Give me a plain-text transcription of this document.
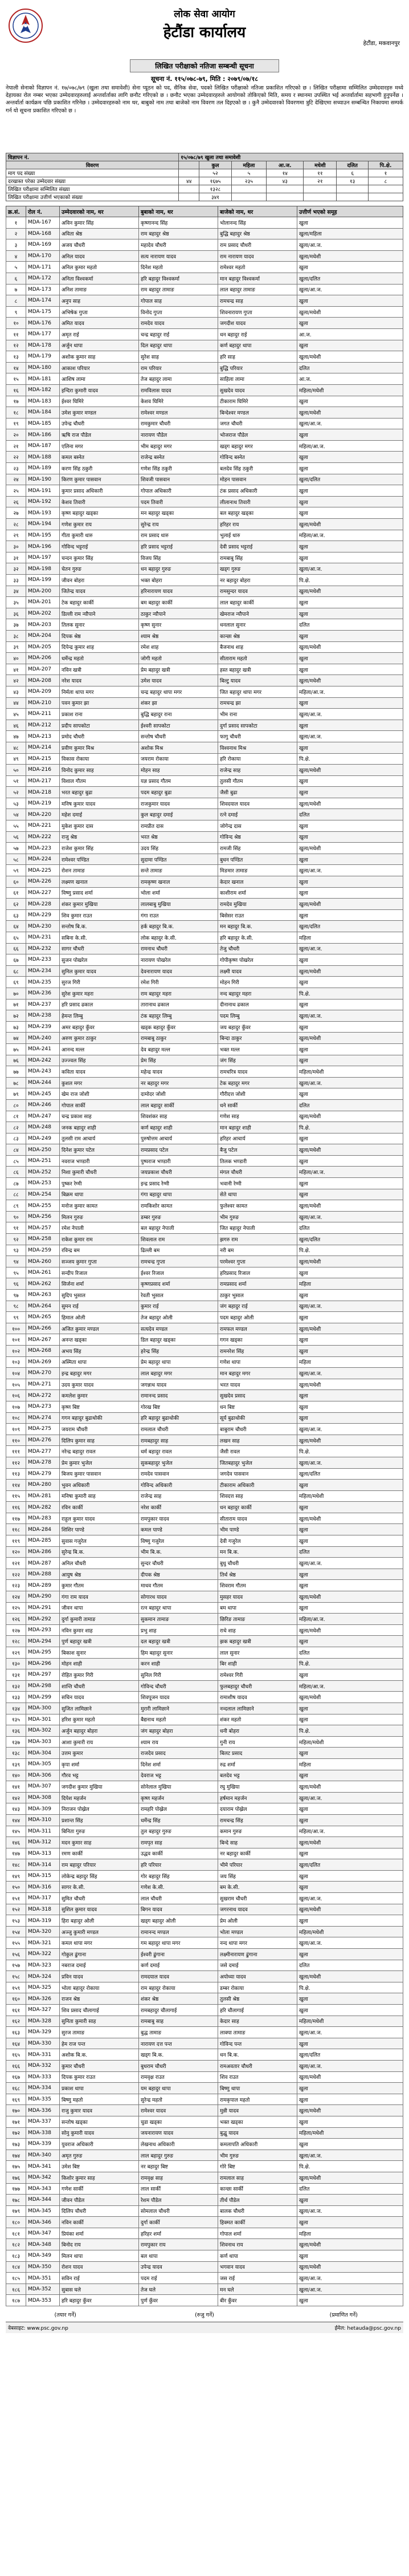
लोक सेवा आयोग
हेटौंडा कार्यालय
हेटौंडा, मकवानपुर
लिखित परीक्षाको नतिजा सम्बन्धी सूचना
सूचना नं. ११५/०७८-७९, मिति : २०७९/०७/१८
नेपाली सेनाको विज्ञापन नं. १७/०७८/७९ (खुला तथा समावेशी) सेना प्यूठन को पद, सैनिक सेवा, पदको लिखित परीक्षाको नतिजा प्रकाशित गरिएको छ । लिखित परीक्षामा सम्मिलित उम्मेदवारहरु मध्ये देहायका रोल नम्बर भएका उम्मेदवारहरुलाई अन्तर्वार्ताका लागि छनौट गरिएको छ । छनौट भएका उम्मेदवारहरुले आयोगको तोकिएको मिति, समय र स्थानमा उपस्थित भई अन्तर्वार्तामा सहभागी हुनुपर्नेछ । अन्तर्वार्ता कार्यक्रम पछि प्रकाशित गरिनेछ । उम्मेदवारहरुको नाम थर, बाबुको नाम तथा बाजेको नाम विवरण तल दिइएको छ । कुनै उम्मेदवारको विवरणमा त्रुटि देखिएमा सच्याउन सम्बन्धित निकायमा सम्पर्क गर्न यो सूचना प्रकाशित गरिएको छ ।
विज्ञापन नं.	१५/०७८/७९ खुला तथा समावेशी						
विवरण		कुल	महिला	आ.ज.	मधेशी	दलित	पि.क्षे.
माग पद संख्या		५२	५	१४	११	६	१
दरखास्त परेका उम्मेदवार संख्या	४४	१६७५	२३५	४३	२१	१३	८
लिखित परीक्षामा सम्मिलित संख्या		१३२८					
लिखित परीक्षामा उत्तीर्ण भएकाको संख्या		३४१					
क्र.सं.	रोल नं.	उम्मेदवारको नाम, थर	बुबाको नाम, थर	बाजेको नाम, थर	उत्तीर्ण भएको समूह
१	MDA-167	अविन कुमार सिंह	कृष्णानन्द सिंह	भोलानन्द सिंह	खुला
२	MDA-168	अविता श्रेष्ठ	राम बहादुर श्रेष्ठ	बुद्धि बहादुर श्रेष्ठ	खुला/महिला
३	MDA-169	अजय चौधरी	महादेव चौधरी	राम प्रसाद चौधरी	खुला/आ.ज.
४	MDA-170	अनिल यादव	सत्य नारायण यादव	राम नारायण यादव	खुला/मधेशी
५	MDA-171	अनिल कुमार महतो	दिनेश महतो	रामेश्वर महतो	खुला
६	MDA-172	अनिता विश्वकर्मा	हरि बहादुर विश्वकर्मा	मान बहादुर विश्वकर्मा	खुला/दलित
७	MDA-173	अनिश तामाङ	राम बहादुर तामाङ	लाल बहादुर तामाङ	खुला/आ.ज.
८	MDA-174	अनुप साह	गोपाल साह	रामचन्द्र साह	खुला
९	MDA-175	अभिषेक गुप्ता	विनोद गुप्ता	शिवनारायण गुप्ता	खुला/मधेशी
१०	MDA-176	अमित यादव	रामदेव यादव	जगदीश यादव	खुला
११	MDA-177	अमृत राई	चन्द्र बहादुर राई	धन बहादुर राई	आ.ज.
१२	MDA-178	अर्जुन थापा	दिल बहादुर थापा	कर्ण बहादुर थापा	खुला
१३	MDA-179	अशोक कुमार साह	सुरेश साह	हरि साह	खुला/मधेशी
१४	MDA-180	आकाश परियार	राम परियार	बुद्धि परियार	दलित
१५	MDA-181	आशिष लामा	तेज बहादुर लामा	साहिला लामा	आ.ज.
१६	MDA-182	इन्दिरा कुमारी यादव	रामविलास यादव	सुखदेव यादव	महिला/मधेशी
१७	MDA-183	ईश्वर घिमिरे	केशव घिमिरे	टीकाराम घिमिरे	खुला
१८	MDA-184	उमेश कुमार मण्डल	रामेश्वर मण्डल	बिन्देश्वर मण्डल	खुला/मधेशी
१९	MDA-185	उपेन्द्र चौधरी	रामकुमार चौधरी	जगत चौधरी	खुला/आ.ज.
२०	MDA-186	ऋषि राज पौडेल	नारायण पौडेल	भोजराज पौडेल	खुला
२१	MDA-187	एलिना मगर	भीम बहादुर मगर	खड्ग बहादुर मगर	महिला/आ.ज.
२२	MDA-188	कमल बस्नेत	राजेन्द्र बस्नेत	गोविन्द बस्नेत	खुला
२३	MDA-189	करण सिंह ठकुरी	गणेश सिंह ठकुरी	बलदेव सिंह ठकुरी	खुला
२४	MDA-190	किरण कुमार पासवान	शिवजी पासवान	मोहन पासवान	खुला/दलित
२५	MDA-191	कुमार प्रसाद अधिकारी	गोपाल अधिकारी	टंक प्रसाद अधिकारी	खुला
२६	MDA-192	केशव तिवारी	पदम तिवारी	लीलानाथ तिवारी	खुला
२७	MDA-193	कृष्ण बहादुर खड्का	मन बहादुर खड्का	बल बहादुर खड्का	खुला
२८	MDA-194	गणेश कुमार राय	सुरेन्द्र राय	हरिहर राय	खुला/मधेशी
२९	MDA-195	गीता कुमारी थारु	राम प्रसाद थारु	भुलाई थारु	महिला/आ.ज.
३०	MDA-196	गोविन्द भट्टराई	हरि प्रसाद भट्टराई	देवी प्रसाद भट्टराई	खुला
३१	MDA-197	चन्दन कुमार सिंह	विजय सिंह	रामबाबु सिंह	खुला
३२	MDA-198	चेतन गुरुङ	धन बहादुर गुरुङ	खड्ग गुरुङ	खुला/आ.ज.
३३	MDA-199	जीवन बोहरा	भक्त बोहरा	नर बहादुर बोहरा	पि.क्षे.
३४	MDA-200	जितेन्द्र यादव	हरिनारायण यादव	रामसुन्दर यादव	खुला/मधेशी
३५	MDA-201	टेक बहादुर कार्की	बम बहादुर कार्की	लाल बहादुर कार्की	खुला
३६	MDA-202	डिल्ली राम न्यौपाने	ठाकुर न्यौपाने	खेमराज न्यौपाने	खुला
३७	MDA-203	तिलक सुनार	कृष्ण सुनार	धनलाल सुनार	दलित
३८	MDA-204	दिपक श्रेष्ठ	श्याम श्रेष्ठ	कान्छा श्रेष्ठ	खुला
३९	MDA-205	दिपेन्द्र कुमार शाह	रमेश शाह	बैजनाथ शाह	खुला/मधेशी
४०	MDA-206	धर्मेन्द्र महतो	जोगी महतो	सीताराम महतो	खुला
४१	MDA-207	नविन खत्री	प्रेम बहादुर खत्री	हस्त बहादुर खत्री	खुला
४२	MDA-208	नरेश यादव	उमेश यादव	बिल्टु यादव	खुला/मधेशी
४३	MDA-209	निर्मला थापा मगर	चन्द्र बहादुर थापा मगर	जित बहादुर थापा मगर	महिला/आ.ज.
४४	MDA-210	पवन कुमार झा	शंकर झा	रामचन्द्र झा	खुला
४५	MDA-211	प्रकाश राना	बुद्धि बहादुर राना	भीम राना	खुला/आ.ज.
४६	MDA-212	प्रदीप सापकोटा	ईश्वरी सापकोटा	दुर्गा प्रसाद सापकोटा	खुला
४७	MDA-213	प्रमोद चौधरी	सन्तोष चौधरी	फागु चौधरी	खुला/आ.ज.
४८	MDA-214	प्रवीण कुमार मिश्र	अशोक मिश्र	विश्वनाथ मिश्र	खुला
४९	MDA-215	विकास रोकाया	जयराम रोकाया	हरि रोकाया	पि.क्षे.
५०	MDA-216	विनोद कुमार साह	मोहन साह	राजेन्द्र साह	खुला/मधेशी
५१	MDA-217	विशाल गौतम	यज्ञ प्रसाद गौतम	तुलसी गौतम	खुला
५२	MDA-218	भरत बहादुर बुढा	पदम बहादुर बुढा	जैसी बुढा	खुला
५३	MDA-219	मनिष कुमार यादव	राजकुमार यादव	शिवदयाल यादव	खुला/मधेशी
५४	MDA-220	महेश दमाई	कुल बहादुर दमाई	रत्ने दमाई	दलित
५५	MDA-221	मुकेश कुमार दास	रामप्रीत दास	जोगेन्द्र दास	खुला
५६	MDA-222	राजु श्रेष्ठ	भरत श्रेष्ठ	गोविन्द श्रेष्ठ	खुला
५७	MDA-223	राजेश कुमार सिंह	उदय सिंह	रामजी सिंह	खुला/मधेशी
५८	MDA-224	रामेश्वर पण्डित	सुदामा पण्डित	बुधन पण्डित	खुला
५९	MDA-225	रोशन तामाङ	सन्ते तामाङ	मिङमार तामाङ	खुला/आ.ज.
६०	MDA-226	लक्ष्मण खनाल	रामकृष्ण खनाल	केदार खनाल	खुला
६१	MDA-227	विष्णु प्रसाद शर्मा	भोला शर्मा	काशीराम शर्मा	खुला
६२	MDA-228	शंकर कुमार मुखिया	लालबाबु मुखिया	रामदेव मुखिया	खुला/मधेशी
६३	MDA-229	शिव कुमार राउत	गंगा राउत	बिसेसर राउत	खुला
६४	MDA-230	सन्तोष बि.क.	हर्क बहादुर बि.क.	मन बहादुर बि.क.	खुला/दलित
६५	MDA-231	सबिना के.सी.	लोक बहादुर के.सी.	हरि बहादुर के.सी.	महिला
६६	MDA-232	सागर चौधरी	रामनाथ चौधरी	तेजु चौधरी	खुला/आ.ज.
६७	MDA-233	सुजन पोखरेल	नारायण पोखरेल	गोपीकृष्ण पोखरेल	खुला
६८	MDA-234	सुनिल कुमार यादव	देवनारायण यादव	लक्ष्मी यादव	खुला/मधेशी
६९	MDA-235	सुरज गिरी	रमेश गिरी	मोहन गिरी	खुला
७०	MDA-236	सुरेश कुमार महरा	राम बहादुर महरा	नन्द बहादुर महरा	पि.क्षे.
७१	MDA-237	हरि प्रसाद ढकाल	तारानाथ ढकाल	दीनानाथ ढकाल	खुला
७२	MDA-238	हेमन्त लिम्बु	टंक बहादुर लिम्बु	पदम लिम्बु	खुला/आ.ज.
७३	MDA-239	अमर बहादुर कुँवर	खड्क बहादुर कुँवर	जय बहादुर कुँवर	खुला
७४	MDA-240	अरुण कुमार ठाकुर	रामबाबु ठाकुर	बिन्दा ठाकुर	खुला/मधेशी
७५	MDA-241	आनन्द मल्ल	देव बहादुर मल्ल	भक्त मल्ल	खुला
७६	MDA-242	उज्ज्वल सिंह	प्रेम सिंह	जंग सिंह	खुला
७७	MDA-243	कविता यादव	महेन्द्र यादव	रामचरित्र यादव	महिला/मधेशी
७८	MDA-244	कुशल मगर	नर बहादुर मगर	टेक बहादुर मगर	खुला/आ.ज.
७९	MDA-245	खेम राज जोशी	दामोदर जोशी	गौरीदत्त जोशी	खुला
८०	MDA-246	गोपाल सार्की	लाल बहादुर सार्की	धने सार्की	दलित
८१	MDA-247	चन्द्र प्रकाश साह	शिवशंकर साह	गणेश साह	खुला/मधेशी
८२	MDA-248	जनक बहादुर शाही	कर्ण बहादुर शाही	मान बहादुर शाही	पि.क्षे.
८३	MDA-249	तुलसी राम आचार्य	पुरुषोत्तम आचार्य	हरिहर आचार्य	खुला
८४	MDA-250	दिनेश कुमार पटेल	रामप्रसाद पटेल	बैजु पटेल	खुला/मधेशी
८५	MDA-251	नवराज भण्डारी	पुष्पराज भण्डारी	तिलक भण्डारी	खुला
८६	MDA-252	निशा कुमारी चौधरी	जयप्रकाश चौधरी	मंगल चौधरी	महिला/आ.ज.
८७	MDA-253	पुष्कर रेग्मी	इन्द्र प्रसाद रेग्मी	भवानी रेग्मी	खुला
८८	MDA-254	बिक्रम थापा	गंगा बहादुर थापा	सेते थापा	खुला
८९	MDA-255	मनोज कुमार कामत	रामकिशोर कामत	फुलेश्वर कामत	खुला/मधेशी
९०	MDA-256	मिलन गुरुङ	डम्बर गुरुङ	भीम गुरुङ	खुला/आ.ज.
९१	MDA-257	रमेश नेपाली	बल बहादुर नेपाली	जित बहादुर नेपाली	दलित
९२	MDA-258	राकेश कुमार राम	शिवलाल राम	झगरु राम	खुला/दलित
९३	MDA-259	रविन्द्र बम	ढिल्ली बम	नरी बम	पि.क्षे.
९४	MDA-260	सञ्जय कुमार गुप्ता	रामचन्द्र गुप्ता	परमेश्वर गुप्ता	खुला/मधेशी
९५	MDA-261	सन्दीप रिजाल	ईश्वर रिजाल	हरिप्रसाद रिजाल	खुला
९६	MDA-262	सिर्जना शर्मा	कृष्णप्रसाद शर्मा	रामप्रसाद शर्मा	महिला
९७	MDA-263	सुदिप भुसाल	रेवती भुसाल	ठाकुर भुसाल	खुला
९८	MDA-264	सुमन राई	कुमार राई	जंग बहादुर राई	खुला/आ.ज.
९९	MDA-265	हिमाल ओली	तेज बहादुर ओली	पदम बहादुर ओली	खुला
१००	MDA-266	अजित कुमार मण्डल	सत्यदेव मण्डल	रामफल मण्डल	खुला/मधेशी
१०१	MDA-267	अनन्त खड्का	डिल बहादुर खड्का	गगन खड्का	खुला
१०२	MDA-268	अभय सिंह	हरेन्द्र सिंह	रामनरेश सिंह	खुला
१०३	MDA-269	अस्मिता थापा	प्रेम बहादुर थापा	गणेश थापा	महिला
१०४	MDA-270	इन्द्र बहादुर मगर	लाल बहादुर मगर	मान बहादुर मगर	खुला/आ.ज.
१०५	MDA-271	उदय कुमार यादव	जगन्नाथ यादव	भरत यादव	खुला/मधेशी
१०६	MDA-272	कमलेश कुमार	रामानन्द प्रसाद	सुखदेव प्रसाद	खुला
१०७	MDA-273	कृष्ण बिष्ट	गोरख बिष्ट	धन बिष्ट	खुला
१०८	MDA-274	गगन बहादुर बुढाथोकी	हरि बहादुर बुढाथोकी	सूर्य बुढाथोकी	खुला
१०९	MDA-275	जयराम चौधरी	रामलाल चौधरी	बाबुराम चौधरी	खुला/आ.ज.
११०	MDA-276	दिलिप कुमार साह	रामबहादुर साह	लखन साह	खुला/मधेशी
१११	MDA-277	नरेन्द्र बहादुर रावल	धर्म बहादुर रावल	जैसी रावल	पि.क्षे.
११२	MDA-278	प्रेम कुमार भुजेल	सुकबहादुर भुजेल	जितबहादुर भुजेल	खुला/आ.ज.
११३	MDA-279	बिजय कुमार पासवान	रामदेव पासवान	जगदेव पासवान	खुला/दलित
११४	MDA-280	भुवन अधिकारी	गोविन्द अधिकारी	टीकाराम अधिकारी	खुला
११५	MDA-281	मनिषा कुमारी साह	राजेन्द्र साह	शिवदत्त साह	महिला/मधेशी
११६	MDA-282	रविन कार्की	नरेश कार्की	धन बहादुर कार्की	खुला
११७	MDA-283	राहुल कुमार यादव	रामपुकार यादव	सीताराम यादव	खुला/मधेशी
११८	MDA-284	शिशिर पाण्डे	कमल पाण्डे	भीम पाण्डे	खुला
११९	MDA-285	सुवास गजुरेल	विष्णु गजुरेल	देवी गजुरेल	खुला
१२०	MDA-286	सुरेन्द्र बि.क.	भीम बि.क.	मन बि.क.	दलित
१२१	MDA-287	अनिल चौधरी	सुन्दर चौधरी	बुधु चौधरी	खुला/आ.ज.
१२२	MDA-288	आयुष श्रेष्ठ	दीपक श्रेष्ठ	तिर्थ श्रेष्ठ	खुला
१२३	MDA-289	कुमार गौतम	माधव गौतम	शिवराम गौतम	खुला
१२४	MDA-290	गंगा राम यादव	सोगारथ यादव	मुसहर यादव	खुला/मधेशी
१२५	MDA-291	जीवन थापा	रत्न बहादुर थापा	बम थापा	खुला
१२६	MDA-292	दुर्गा कुमारी तामाङ	सुकमान तामाङ	छिरिङ तामाङ	महिला/आ.ज.
१२७	MDA-293	नविन कुमार शाह	प्रभु शाह	राधे शाह	खुला/मधेशी
१२८	MDA-294	पुर्ण बहादुर खत्री	दल बहादुर खत्री	झक बहादुर खत्री	खुला
१२९	MDA-295	बिकाश सुनार	हिम बहादुर सुनार	लाल सुनार	दलित
१३०	MDA-296	मोहन शाही	करन शाही	बिर शाही	पि.क्षे.
१३१	MDA-297	रोहित कुमार गिरी	सुनिल गिरी	रामेश्वर गिरी	खुला
१३२	MDA-298	शान्ति चौधरी	गोविन्द चौधरी	फुलबहादुर चौधरी	महिला/आ.ज.
१३३	MDA-299	सचिन यादव	शिवपूजन यादव	रामाशीष यादव	खुला/मधेशी
१३४	MDA-300	सुजित लामिछाने	मुरारी लामिछाने	नन्दलाल लामिछाने	खुला
१३५	MDA-301	हरिश कुमार महतो	बैद्यनाथ महतो	शंकर महतो	खुला
१३६	MDA-302	अर्जुन बहादुर बोहरा	जंग बहादुर बोहरा	धनी बोहरा	पि.क्षे.
१३७	MDA-303	आशा कुमारी राय	श्याम राय	गुनी राय	महिला/मधेशी
१३८	MDA-304	उत्तम कुमार	राजदेव प्रसाद	बिलट प्रसाद	खुला
१३९	MDA-305	कृपा शर्मा	दिनेश शर्मा	रुद्र शर्मा	महिला
१४०	MDA-306	गौरव भट्ट	देवराज भट्ट	बलदेव भट्ट	खुला
१४१	MDA-307	जगदीश कुमार मुखिया	सोनेलाल मुखिया	रघु मुखिया	खुला/मधेशी
१४२	MDA-308	दिपेश महर्जन	कृष्ण महर्जन	हर्षमान महर्जन	खुला/आ.ज.
१४३	MDA-309	निराजन पोख्रेल	रामहरि पोख्रेल	दयाराम पोख्रेल	खुला
१४४	MDA-310	प्रशान्त सिंह	धर्मेन्द्र सिंह	रामचन्द्र सिंह	खुला
१४५	MDA-311	बिनिता गुरुङ	तुल बहादुर गुरुङ	कमान गुरुङ	महिला/आ.ज.
१४६	MDA-312	मदन कुमार साह	रामपृत साह	बिन्दे साह	खुला/मधेशी
१४७	MDA-313	रमण कार्की	उद्धव कार्की	नर बहादुर कार्की	खुला
१४८	MDA-314	राम बहादुर परियार	हरि परियार	भीमे परियार	खुला/दलित
१४९	MDA-315	लोकेन्द्र बहादुर सिंह	गोर बहादुर सिंह	जय सिंह	खुला
१५०	MDA-316	सागर के.सी.	गणेश के.सी.	बम के.सी.	खुला
१५१	MDA-317	सुमित चौधरी	लाल चौधरी	सुखराम चौधरी	खुला/आ.ज.
१५२	MDA-318	सुशिल कुमार यादव	बिगन यादव	जगरनाथ यादव	खुला/मधेशी
१५३	MDA-319	हिरा बहादुर ओली	खड्ग बहादुर ओली	प्रेम ओली	खुला
१५४	MDA-320	अञ्जु कुमारी मण्डल	रामानन्द मण्डल	भोला मण्डल	महिला/मधेशी
१५५	MDA-321	कमल थापा मगर	गम बहादुर थापा मगर	नन्द थापा मगर	खुला/आ.ज.
१५६	MDA-322	गोकुल ढुंगाना	ईश्वरी ढुंगाना	लक्ष्मीनारायण ढुंगाना	खुला
१५७	MDA-323	नबराज दमाई	कर्ण दमाई	जसे दमाई	दलित
१५८	MDA-324	प्रविन यादव	रामदयाल यादव	अयोध्या यादव	खुला/मधेशी
१५९	MDA-325	भोला बहादुर रोकाया	राम बहादुर रोकाया	डम्बर रोकाया	पि.क्षे.
१६०	MDA-326	राजन श्रेष्ठ	शंकर श्रेष्ठ	तुलसी श्रेष्ठ	खुला
१६१	MDA-327	शिव प्रसाद चौलागाई	रामबहादुर चौलागाई	हरि चौलागाई	खुला
१६२	MDA-328	सुनिता कुमारी साह	रामबाबु साह	केदार साह	महिला/मधेशी
१६३	MDA-329	सुरज तामाङ	बुद्ध तामाङ	लाक्पा तामाङ	खुला/आ.ज.
१६४	MDA-330	हेम राज पन्त	नारायण दत्त पन्त	गोविन्द पन्त	खुला
१६५	MDA-331	अशोक बि.क.	खड्ग बि.क.	धन बि.क.	खुला/दलित
१६६	MDA-332	कुमार चौधरी	बुधराम चौधरी	रामअवतार चौधरी	खुला/आ.ज.
१६७	MDA-333	दिपक कुमार राउत	रामवृक्ष राउत	शिव राउत	खुला/मधेशी
१६८	MDA-334	प्रकाश थापा	यम बहादुर थापा	बिष्णु थापा	खुला
१६९	MDA-335	बिष्णु महतो	सुरेन्द्र महतो	रामकृपाल महतो	खुला
१७०	MDA-336	राजु कुमार यादव	रामेश्वर यादव	मुन्नी यादव	खुला/मधेशी
१७१	MDA-337	सन्तोष खड्का	चुडा खड्का	भक्त खड्का	खुला
१७२	MDA-338	सोनु कुमारी यादव	जयनारायण यादव	बुद्धु यादव	महिला/मधेशी
१७३	MDA-339	युवराज अधिकारी	लेखनाथ अधिकारी	कमलापति अधिकारी	खुला
१७४	MDA-340	अमृत गुरुङ	लाल बहादुर गुरुङ	भीम गुरुङ	खुला/आ.ज.
१७५	MDA-341	उमेश बिष्ट	नर बहादुर बिष्ट	गोरे बिष्ट	पि.क्षे.
१७६	MDA-342	किशोर कुमार साह	रामवृक्ष साह	रामलाल साह	खुला/मधेशी
१७७	MDA-343	गणेश सार्की	लाल सार्की	कान्छा सार्की	दलित
१७८	MDA-344	जीवन पौडेल	रेशम पौडेल	तीर्थ पौडेल	खुला
१७९	MDA-345	दिलिप चौधरी	सोमलाल चौधरी	बालक चौधरी	खुला/आ.ज.
१८०	MDA-346	नविन कार्की	दुर्गा कार्की	हिक्मत कार्की	खुला
१८१	MDA-347	प्रियंका शर्मा	हरिहर शर्मा	गोपाल शर्मा	महिला
१८२	MDA-348	बिनोद राय	रामपुकार राय	शिवनाथ राय	खुला/मधेशी
१८३	MDA-349	मिलन थापा	बल थापा	कर्ण थापा	खुला
१८४	MDA-350	रोशन यादव	उपेन्द्र यादव	भगवान यादव	खुला/मधेशी
१८५	MDA-351	सविन राई	पदम राई	जस राई	खुला/आ.ज.
१८६	MDA-352	सुबास घले	तेज घले	मन घले	खुला/आ.ज.
१८७	MDA-353	हरि बहादुर कुँवर	पुर्ण कुँवर	बीर कुँवर	खुला
(तयार गर्ने)	(रुजु गर्ने)	(प्रमाणित गर्ने)
वेबसाइट: www.psc.gov.np	ईमेल: hetauda@psc.gov.np
